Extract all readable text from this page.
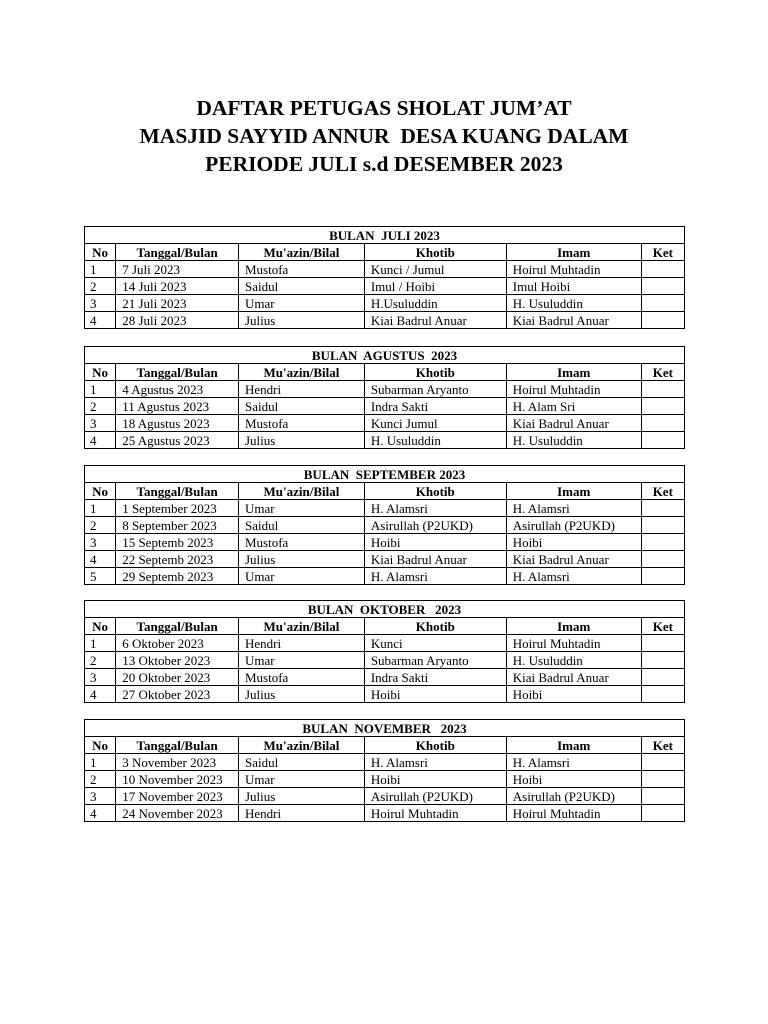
DAFTAR PETUGAS SHOLAT JUM’AT
MASJID SAYYID ANNUR  DESA KUANG DALAM
PERIODE JULI s.d DESEMBER 2023
BULAN  JULI 2023					
No	Tanggal/Bulan	Mu'azin/Bilal	Khotib	Imam	Ket
1	7 Juli 2023	Mustofa	Kunci / Jumul	Hoirul Muhtadin	
2	14 Juli 2023	Saidul	Imul / Hoibi	Imul Hoibi	
3	21 Juli 2023	Umar	H.Usuluddin	H. Usuluddin	
4	28 Juli 2023	Julius	Kiai Badrul Anuar	Kiai Badrul Anuar	
BULAN  AGUSTUS  2023					
No	Tanggal/Bulan	Mu'azin/Bilal	Khotib	Imam	Ket
1	4 Agustus 2023	Hendri	Subarman Aryanto	Hoirul Muhtadin	
2	11 Agustus 2023	Saidul	Indra Sakti	H. Alam Sri	
3	18 Agustus 2023	Mustofa	Kunci Jumul	Kiai Badrul Anuar	
4	25 Agustus 2023	Julius	H. Usuluddin	H. Usuluddin	
BULAN  SEPTEMBER 2023					
No	Tanggal/Bulan	Mu'azin/Bilal	Khotib	Imam	Ket
1	1 September 2023	Umar	H. Alamsri	H. Alamsri	
2	8 September 2023	Saidul	Asirullah (P2UKD)	Asirullah (P2UKD)	
3	15 Septemb 2023	Mustofa	Hoibi	Hoibi	
4	22 Septemb 2023	Julius	Kiai Badrul Anuar	Kiai Badrul Anuar	
5	29 Septemb 2023	Umar	H. Alamsri	H. Alamsri	
BULAN  OKTOBER   2023					
No	Tanggal/Bulan	Mu'azin/Bilal	Khotib	Imam	Ket
1	6 Oktober 2023	Hendri	Kunci	Hoirul Muhtadin	
2	13 Oktober 2023	Umar	Subarman Aryanto	H. Usuluddin	
3	20 Oktober 2023	Mustofa	Indra Sakti	Kiai Badrul Anuar	
4	27 Oktober 2023	Julius	Hoibi	Hoibi	
BULAN  NOVEMBER   2023					
No	Tanggal/Bulan	Mu'azin/Bilal	Khotib	Imam	Ket
1	3 November 2023	Saidul	H. Alamsri	H. Alamsri	
2	10 November 2023	Umar	Hoibi	Hoibi	
3	17 November 2023	Julius	Asirullah (P2UKD)	Asirullah (P2UKD)	
4	24 November 2023	Hendri	Hoirul Muhtadin	Hoirul Muhtadin	
